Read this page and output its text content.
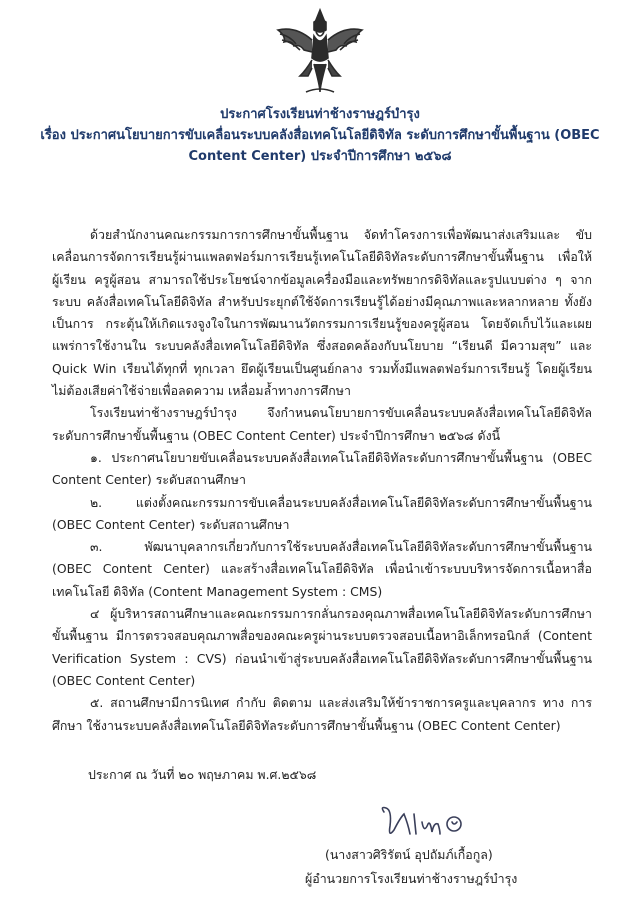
ประกาศโรงเรียนท่าช้างราษฎร์บำรุง
เรื่อง ประกาศนโยบายการขับเคลื่อนระบบคลังสื่อเทคโนโลยีดิจิทัล ระดับการศึกษาขั้นพื้นฐาน (OBEC
Content Center) ประจำปีการศึกษา ๒๕๖๘

ด้วยสำนักงานคณะกรรมการการศึกษาขั้นพื้นฐาน จัดทำโครงการเพื่อพัฒนาส่งเสริมและ ขับเคลื่อนการจัดการเรียนรู้ผ่านแพลตฟอร์มการเรียนรู้เทคโนโลยีดิจิทัลระดับการศึกษาขั้นพื้นฐาน เพื่อให้ ผู้เรียน ครูผู้สอน สามารถใช้ประโยชน์จากข้อมูลเครื่องมือและทรัพยากรดิจิทัลและรูปแบบต่าง ๆ จากระบบ คลังสื่อเทคโนโลยีดิจิทัล สำหรับประยุกต์ใช้จัดการเรียนรู้ได้อย่างมีคุณภาพและหลากหลาย ทั้งยังเป็นการ กระตุ้นให้เกิดแรงจูงใจในการพัฒนานวัตกรรมการเรียนรู้ของครูผู้สอน โดยจัดเก็บไว้และเผยแพร่การใช้งานใน ระบบคลังสื่อเทคโนโลยีดิจิทัล ซึ่งสอดคล้องกับนโยบาย “เรียนดี มีความสุข” และ Quick Win เรียนได้ทุกที่ ทุกเวลา ยึดผู้เรียนเป็นศูนย์กลาง รวมทั้งมีแพลตฟอร์มการเรียนรู้ โดยผู้เรียนไม่ต้องเสียค่าใช้จ่ายเพื่อลดความ เหลื่อมล้ำทางการศึกษา

โรงเรียนท่าช้างราษฎร์บำรุง จึงกำหนดนโยบายการขับเคลื่อนระบบคลังสื่อเทคโนโลยีดิจิทัลระดับการศึกษาขั้นพื้นฐาน (OBEC Content Center) ประจำปีการศึกษา ๒๕๖๘ ดังนี้

๑. ประกาศนโยบายขับเคลื่อนระบบคลังสื่อเทคโนโลยีดิจิทัลระดับการศึกษาขั้นพื้นฐาน (OBEC Content Center) ระดับสถานศึกษา

๒. แต่งตั้งคณะกรรมการขับเคลื่อนระบบคลังสื่อเทคโนโลยีดิจิทัลระดับการศึกษาขั้นพื้นฐาน (OBEC Content Center) ระดับสถานศึกษา

๓. พัฒนาบุคลากรเกี่ยวกับการใช้ระบบคลังสื่อเทคโนโลยีดิจิทัลระดับการศึกษาขั้นพื้นฐาน (OBEC Content Center) และสร้างสื่อเทคโนโลยีดิจิทัล เพื่อนำเข้าระบบบริหารจัดการเนื้อหาสื่อเทคโนโลยี ดิจิทัล (Content Management System : CMS)

๔ ผู้บริหารสถานศึกษาและคณะกรรมการกลั่นกรองคุณภาพสื่อเทคโนโลยีดิจิทัลระดับการศึกษา ขั้นพื้นฐาน มีการตรวจสอบคุณภาพสื่อของคณะครูผ่านระบบตรวจสอบเนื้อหาอิเล็กทรอนิกส์ (Content Verification System : CVS) ก่อนนำเข้าสู่ระบบคลังสื่อเทคโนโลยีดิจิทัลระดับการศึกษาขั้นพื้นฐาน (OBEC Content Center)

๕. สถานศึกษามีการนิเทศ กำกับ ติดตาม และส่งเสริมให้ข้าราชการครูและบุคลากร ทาง การศึกษา ใช้งานระบบคลังสื่อเทคโนโลยีดิจิทัลระดับการศึกษาขั้นพื้นฐาน (OBEC Content Center)

ประกาศ ณ วันที่ ๒๐ พฤษภาคม พ.ศ.๒๕๖๘
(นางสาวศิริรัตน์ อุปถัมภ์เกื้อกูล)
ผู้อำนวยการโรงเรียนท่าช้างราษฎร์บำรุง
